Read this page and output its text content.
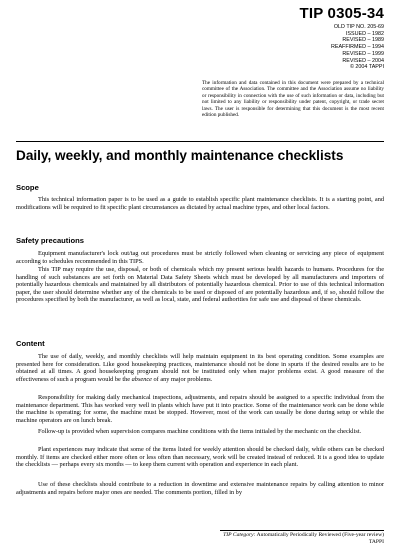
TIP 0305-34
OLD TIP NO. 205-69
ISSUED – 1982
REVISED – 1989
REAFFIRMED – 1994
REVISED – 1999
REVISED – 2004
© 2004 TAPPI
The information and data contained in this document were prepared by a technical committee of the Association. The committee and the Association assume no liability or responsibility in connection with the use of such information or data, including but not limited to any liability or responsibility under patent, copyright, or trade secret laws. The user is responsible for determining that this document is the most recent edition published.
Daily, weekly, and monthly maintenance checklists
Scope

This technical information paper is to be used as a guide to establish specific plant maintenance checklists. It is a starting point, and modifications will be required to fit specific plant circumstances as dictated by actual machine types, and other local factors.

Safety precautions

Equipment manufacturer's lock out/tag out procedures must be strictly followed when cleaning or servicing any piece of equipment according to schedules recommended in this TIPS.

This TIP may require the use, disposal, or both of chemicals which my present serious health hazards to humans. Procedures for the handling of such substances are set forth on Material Data Safety Sheets which must be developed by all manufacturers and importers of potentially hazardous chemicals and maintained by all distributors of potentially hazardous chemical. Prior to use of this technical information paper, the user should determine whether any of the chemicals to be used or disposed of are potentially hazardous and, if so, should follow the procedures specified by both the manufacturer, as well as local, state, and federal authorities for safe use and disposal of these chemicals.

Content

The use of daily, weekly, and monthly checklists will help maintain equipment in its best operating condition. Some examples are presented here for consideration. Like good housekeeping practices, maintenance should not be done in spurts if the desired results are to be obtained at all times. A good housekeeping program should not be instituted only when major problems exist. A good measure of the effectiveness of such a program would be the absence of any major problems.

Responsibility for making daily mechanical inspections, adjustments, and repairs should be assigned to a specific individual from the maintenance department. This has worked very well in plants which have put it into practice. Some of the maintenance work can be done while the machine is operating; for some, the machine must be stopped. However, most of the work can usually be done during setup or while the machine operators are on lunch break.

Follow-up is provided when supervision compares machine conditions with the items initialed by the mechanic on the checklist.

Plant experiences may indicate that some of the items listed for weekly attention should be checked daily, while others can be checked monthly. If items are checked either more often or less often than necessary, work will be created instead of reduced. It is a good idea to update the checklists — perhaps every six months — to keep them current with operation and experience in each plant.

Use of these checklists should contribute to a reduction in downtime and extensive maintenance repairs by calling attention to minor adjustments and repairs before major ones are needed. The comments portion, filled in by

TIP Category: Automatically Periodically Reviewed (Five-year review)
TAPPI
